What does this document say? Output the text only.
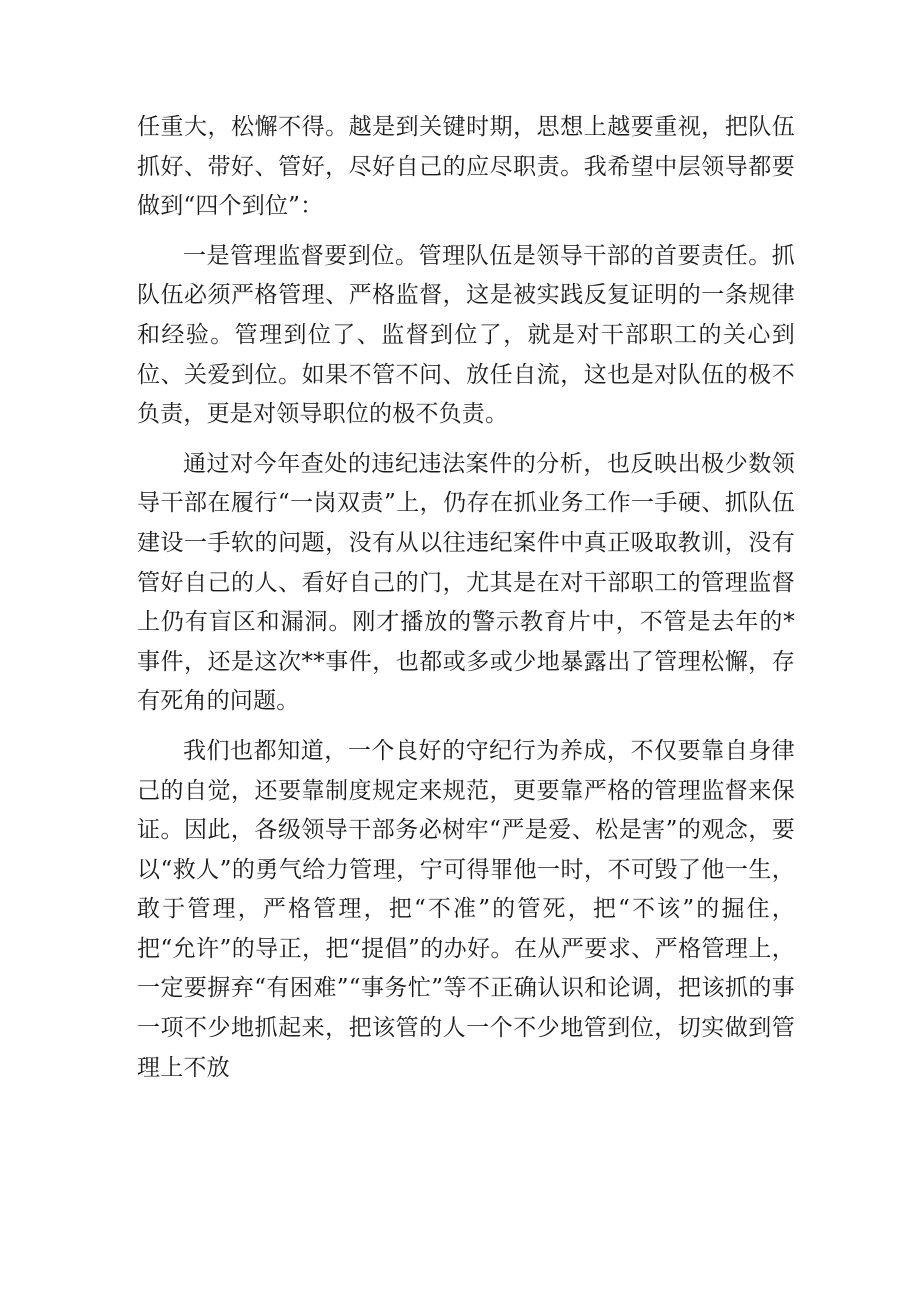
任重大，松懈不得。越是到关键时期，思想上越要重视，把队伍抓好、带好、管好，尽好自己的应尽职责。我希望中层领导都要做到“四个到位”：

一是管理监督要到位。管理队伍是领导干部的首要责任。抓队伍必须严格管理、严格监督，这是被实践反复证明的一条规律和经验。管理到位了、监督到位了，就是对干部职工的关心到位、关爱到位。如果不管不问、放任自流，这也是对队伍的极不负责，更是对领导职位的极不负责。

通过对今年查处的违纪违法案件的分析，也反映出极少数领导干部在履行“一岗双责”上，仍存在抓业务工作一手硬、抓队伍建设一手软的问题，没有从以往违纪案件中真正吸取教训，没有管好自己的人、看好自己的门，尤其是在对干部职工的管理监督上仍有盲区和漏洞。刚才播放的警示教育片中，不管是去年的*事件，还是这次**事件，也都或多或少地暴露出了管理松懈，存有死角的问题。

我们也都知道，一个良好的守纪行为养成，不仅要靠自身律己的自觉，还要靠制度规定来规范，更要靠严格的管理监督来保证。因此，各级领导干部务必树牢“严是爱、松是害”的观念，要以“救人”的勇气给力管理，宁可得罪他一时，不可毁了他一生，敢于管理，严格管理，把“不准”的管死，把“不该”的掘住，把“允许”的导正，把“提倡”的办好。在从严要求、严格管理上，一定要摒弃“有困难”“事务忙”等不正确认识和论调，把该抓的事一项不少地抓起来，把该管的人一个不少地管到位，切实做到管理上不放
